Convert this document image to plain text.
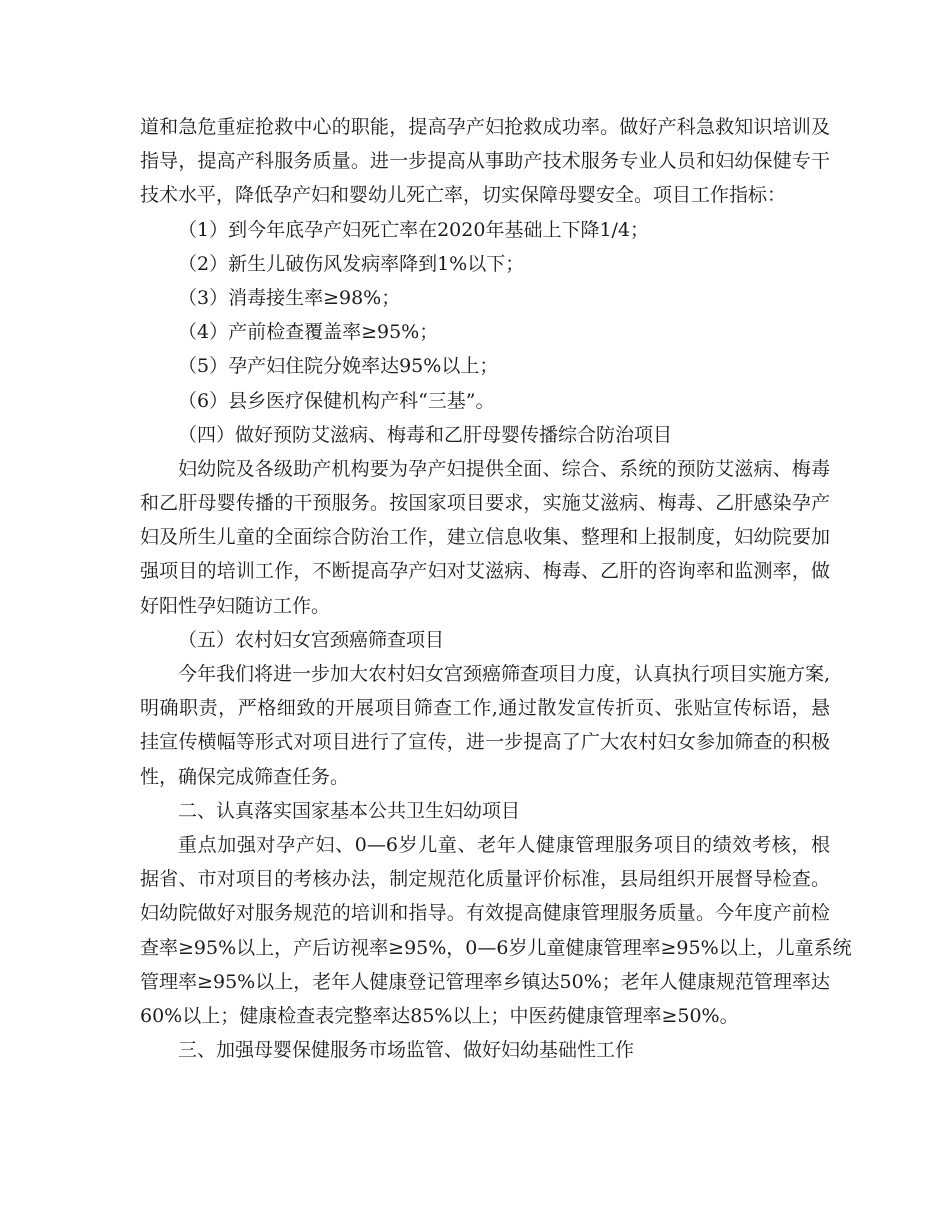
道和急危重症抢救中心的职能，提高孕产妇抢救成功率。做好产科急救知识培训及
指导，提高产科服务质量。进一步提高从事助产技术服务专业人员和妇幼保健专干
技术水平，降低孕产妇和婴幼儿死亡率，切实保障母婴安全。项目工作指标：
（1）到今年底孕产妇死亡率在2020年基础上下降1/4；
（2）新生儿破伤风发病率降到1%以下；
（3）消毒接生率≥98%；
（4）产前检查覆盖率≥95%；
（5）孕产妇住院分娩率达95%以上；
（6）县乡医疗保健机构产科“三基”。
（四）做好预防艾滋病、梅毒和乙肝母婴传播综合防治项目
妇幼院及各级助产机构要为孕产妇提供全面、综合、系统的预防艾滋病、梅毒
和乙肝母婴传播的干预服务。按国家项目要求，实施艾滋病、梅毒、乙肝感染孕产
妇及所生儿童的全面综合防治工作，建立信息收集、整理和上报制度，妇幼院要加
强项目的培训工作，不断提高孕产妇对艾滋病、梅毒、乙肝的咨询率和监测率，做
好阳性孕妇随访工作。
（五）农村妇女宫颈癌筛查项目
今年我们将进一步加大农村妇女宫颈癌筛查项目力度，认真执行项目实施方案,
明确职责，严格细致的开展项目筛查工作,通过散发宣传折页、张贴宣传标语，悬
挂宣传横幅等形式对项目进行了宣传，进一步提高了广大农村妇女参加筛查的积极
性，确保完成筛查任务。
二、认真落实国家基本公共卫生妇幼项目
重点加强对孕产妇、0—6岁儿童、老年人健康管理服务项目的绩效考核，根
据省、市对项目的考核办法，制定规范化质量评价标准，县局组织开展督导检查。
妇幼院做好对服务规范的培训和指导。有效提高健康管理服务质量。今年度产前检
查率≥95%以上，产后访视率≥95%，0—6岁儿童健康管理率≥95%以上，儿童系统
管理率≥95%以上，老年人健康登记管理率乡镇达50%；老年人健康规范管理率达
60%以上；健康检查表完整率达85%以上；中医药健康管理率≥50%。
三、加强母婴保健服务市场监管、做好妇幼基础性工作
